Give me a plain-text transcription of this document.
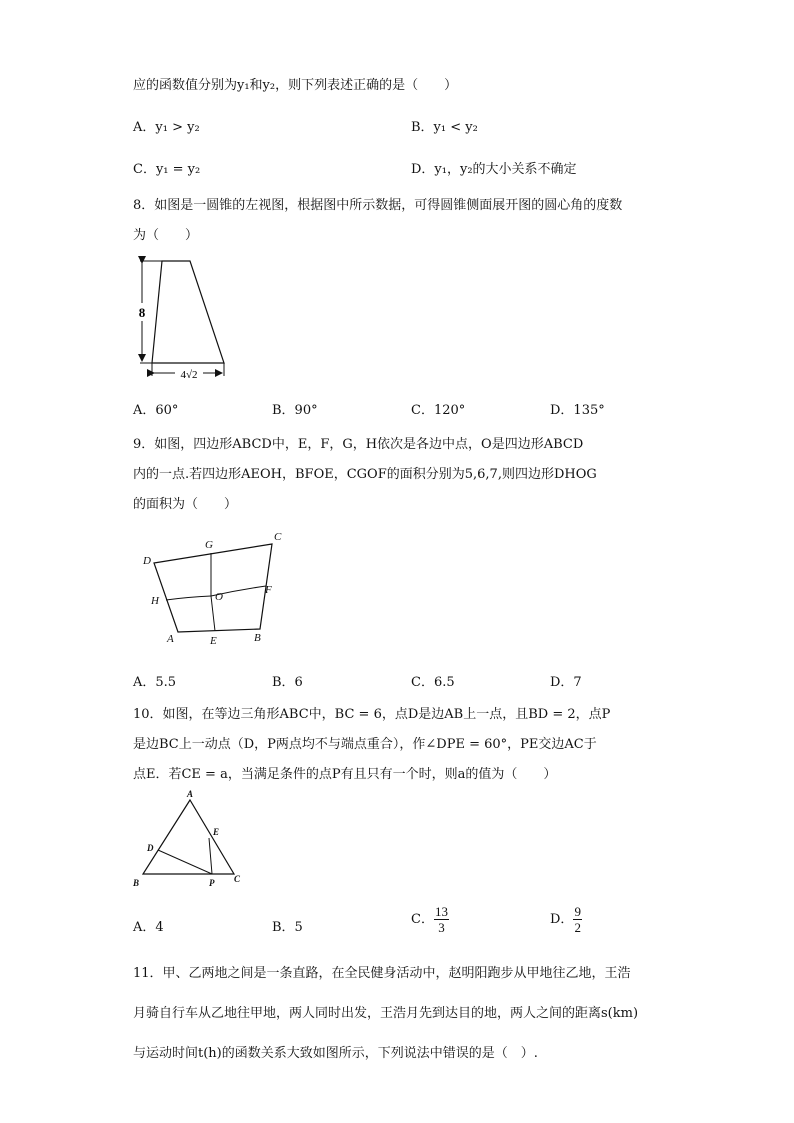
应的函数值分别为y₁和y₂，则下列表述正确的是（　　）
A．y₁ > y₂	B．y₁ < y₂
C．y₁ = y₂	D．y₁，y₂的大小关系不确定
8．如图是一圆锥的左视图，根据图中所示数据，可得圆锥侧面展开图的圆心角的度数
为（　　）
8
4√2
A．60°	B．90°	C．120°	D．135°
9．如图，四边形ABCD中，E，F，G，H依次是各边中点，O是四边形ABCD
内的一点.若四边形AEOH，BFOE，CGOF的面积分别为5,6,7,则四边形DHOG
的面积为（　　）
D
G
C
H	O
F
A	E	B
A．5.5	B．6	C．6.5	D．7
10．如图，在等边三角形ABC中，BC = 6，点D是边AB上一点，且BD = 2，点P
是边BC上一动点（D，P两点均不与端点重合），作∠DPE = 60°，PE交边AC于
点E．若CE = a，当满足条件的点P有且只有一个时，则a的值为（　　）
A
E
D
B	P C
A．4	B．5
C． $\frac{13}{3}$	D． $\frac{9}{2}$
11．甲、乙两地之间是一条直路，在全民健身活动中，赵明阳跑步从甲地往乙地，王浩
月骑自行车从乙地往甲地，两人同时出发，王浩月先到达目的地，两人之间的距离s(km)
与运动时间t(h)的函数关系大致如图所示，下列说法中错误的是（　）.
